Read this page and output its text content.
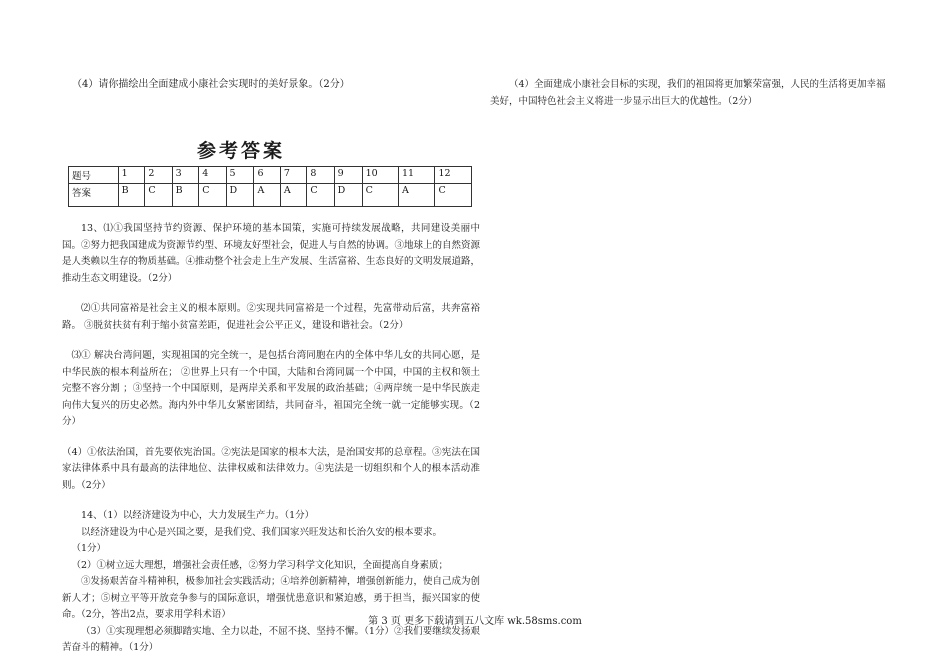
（4）请你描绘出全面建成小康社会实现时的美好景象。（2分）

参考答案
题号	1	2	3	4	5	6	7	8	9	10	11	12
答案	B	C	B	C	D	A	A	C	D	C	A	C

13、⑴①我国坚持节约资源、保护环境的基本国策，实施可持续发展战略，共同建设美丽中国。②努力把我国建成为资源节约型、环境友好型社会，促进人与自然的协调。③地球上的自然资源是人类赖以生存的物质基础。④推动整个社会走上生产发展、生活富裕、生态良好的文明发展道路，推动生态文明建设。（2分）

⑵①共同富裕是社会主义的根本原则。②实现共同富裕是一个过程，先富带动后富，共奔富裕路。 ③脱贫扶贫有利于缩小贫富差距，促进社会公平正义，建设和谐社会。（2分）

⑶① 解决台湾问题，实现祖国的完全统一，是包括台湾同胞在内的全体中华儿女的共同心愿，是中华民族的根本利益所在； ②世界上只有一个中国，大陆和台湾同属一个中国，中国的主权和领土完整不容分割 ；③坚持一个中国原则，是两岸关系和平发展的政治基础；④两岸统一是中华民族走向伟大复兴的历史必然。海内外中华儿女紧密团结，共同奋斗，祖国完全统一就一定能够实现。（2分）

（4）①依法治国，首先要依宪治国。②宪法是国家的根本大法，是治国安邦的总章程。③宪法在国家法律体系中具有最高的法律地位、法律权威和法律效力。④宪法是一切组织和个人的根本活动准则。（2分）

14、（1）以经济建设为中心，大力发展生产力。（1分）

以经济建设为中心是兴国之要，是我们党、我们国家兴旺发达和长治久安的根本要求。

（1分）

（2）①树立远大理想，增强社会责任感，②努力学习科学文化知识，全面提高自身素质；

③发扬艰苦奋斗精神积，极参加社会实践活动；④培养创新精神，增强创新能力，使自己成为创新人才；⑤树立平等开放竞争参与的国际意识，增强忧患意识和紧迫感，勇于担当，振兴国家的使命。（2分，答出2点，要求用学科术语）

（3）①实现理想必须脚踏实地、全力以赴，不屈不挠、坚持不懈。（1分）②我们要继续发扬艰苦奋斗的精神。（1分）

（4）全面建成小康社会目标的实现，我们的祖国将更加繁荣富强，人民的生活将更加幸福美好，中国特色社会主义将进一步显示出巨大的优越性。（2分）

第 3 页 更多下载请到五八文库 wk.58sms.com
